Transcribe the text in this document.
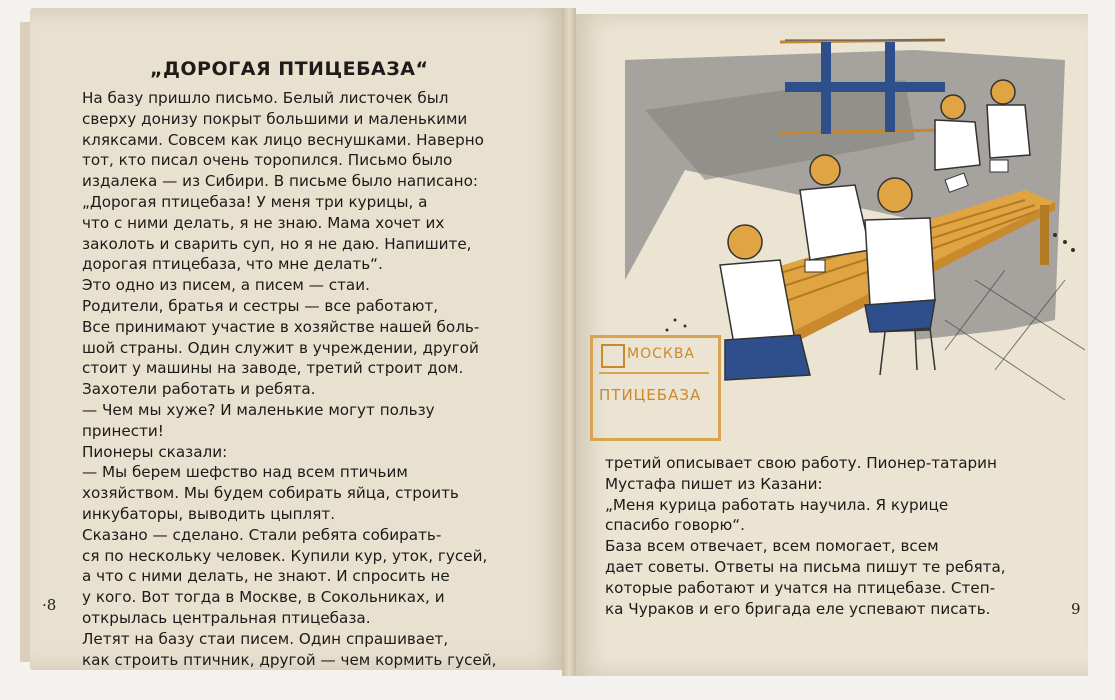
„ДОРОГАЯ ПТИЦЕБАЗА“

На базу пришло письмо. Белый листочек был

сверху донизу покрыт большими и маленькими

кляксами. Совсем как лицо веснушками. Наверно

тот, кто писал очень торопился. Письмо было

издалека — из Сибири. В письме было написано:

„Дорогая птицебаза! У меня три курицы, а

что с ними делать, я не знаю. Мама хочет их

заколоть и сварить суп, но я не даю. Напишите,

дорогая птицебаза, что мне делать“.

Это одно из писем, а писем — стаи.

Родители, братья и сестры — все работают,

Все принимают участие в хозяйстве нашей боль-

шой страны. Один служит в учреждении, другой

стоит у машины на заводе, третий строит дом.

Захотели работать и ребята.

— Чем мы хуже? И маленькие могут пользу

принести!

Пионеры сказали:

— Мы берем шефство над всем птичьим

хозяйством. Мы будем собирать яйца, строить

инкубаторы, выводить цыплят.

Сказано — сделано. Стали ребята собирать-

ся по нескольку человек. Купили кур, уток, гусей,

а что с ними делать, не знают. И спросить не

у кого. Вот тогда в Москве, в Сокольниках, и

открылась центральная птицебаза.

Летят на базу стаи писем. Один спрашивает,

как строить птичник, другой — чем кормить гусей,

·8	9
МОСКВА
ПТИЦЕБАЗА

третий описывает свою работу. Пионер-татарин

Мустафа пишет из Казани:

„Меня курица работать научила. Я курице

спасибо говорю“.

База всем отвечает, всем помогает, всем

дает советы. Ответы на письма пишут те ребята,

которые работают и учатся на птицебазе. Степ-

ка Чураков и его бригада еле успевают писать.
